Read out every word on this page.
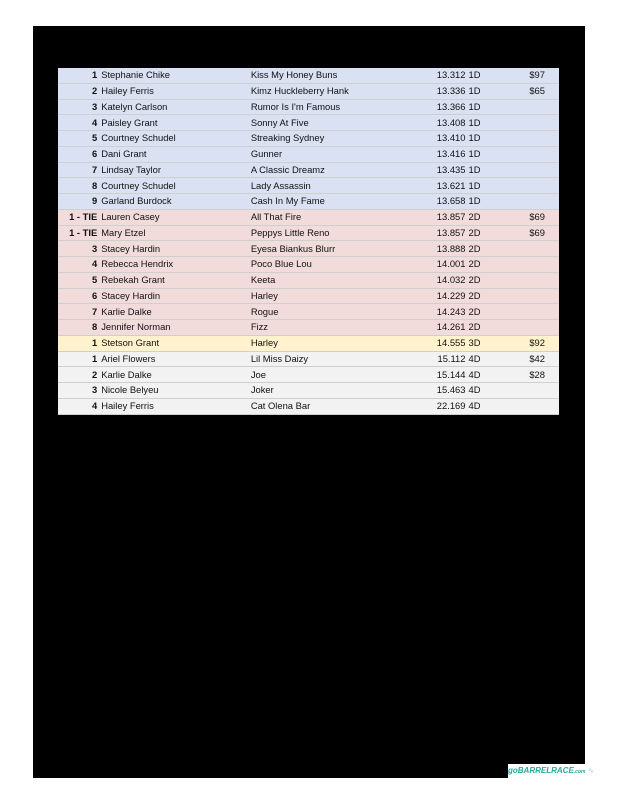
1	Stephanie Chike	Kiss My Honey Buns	13.312	1D	$97
2	Hailey Ferris	Kimz Huckleberry Hank	13.336	1D	$65
3	Katelyn Carlson	Rumor Is I'm Famous	13.366	1D	
4	Paisley Grant	Sonny At Five	13.408	1D	
5	Courtney Schudel	Streaking Sydney	13.410	1D	
6	Dani Grant	Gunner	13.416	1D	
7	Lindsay Taylor	A Classic Dreamz	13.435	1D	
8	Courtney Schudel	Lady Assassin	13.621	1D	
9	Garland Burdock	Cash In My Fame	13.658	1D	
1 - TIE	Lauren Casey	All That Fire	13.857	2D	$69
1 - TIE	Mary Etzel	Peppys Little Reno	13.857	2D	$69
3	Stacey Hardin	Eyesa Biankus Blurr	13.888	2D	
4	Rebecca Hendrix	Poco Blue Lou	14.001	2D	
5	Rebekah Grant	Keeta	14.032	2D	
6	Stacey Hardin	Harley	14.229	2D	
7	Karlie Dalke	Rogue	14.243	2D	
8	Jennifer Norman	Fizz	14.261	2D	
1	Stetson Grant	Harley	14.555	3D	$92
1	Ariel Flowers	Lil Miss Daizy	15.112	4D	$42
2	Karlie Dalke	Joe	15.144	4D	$28
3	Nicole Belyeu	Joker	15.463	4D	
4	Hailey Ferris	Cat Olena Bar	22.169	4D	
goBARRELRACE.com ∿
